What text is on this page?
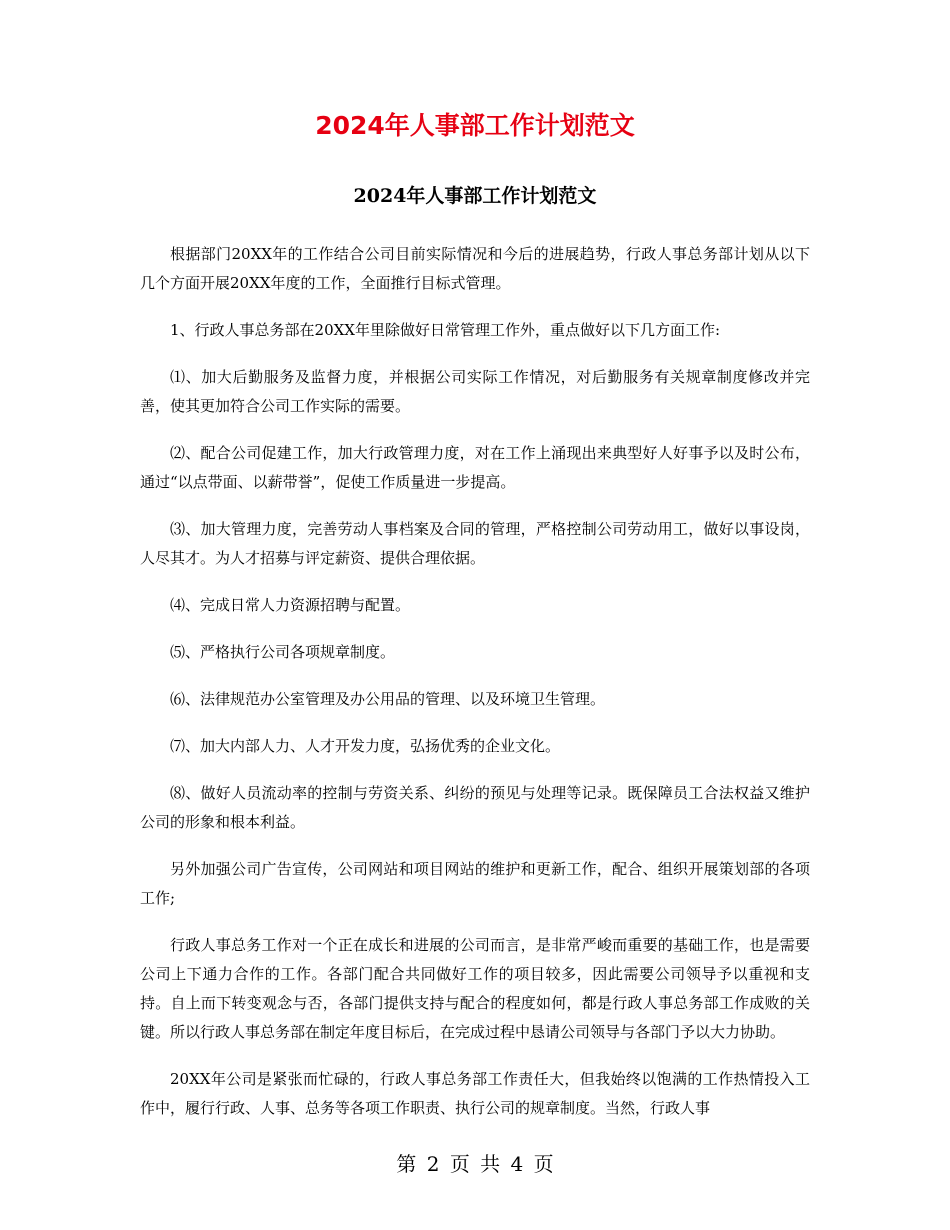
2024年人事部工作计划范文
2024年人事部工作计划范文

根据部门20XX年的工作结合公司目前实际情况和今后的进展趋势，行政人事总务部计划从以下几个方面开展20XX年度的工作，全面推行目标式管理。

1、行政人事总务部在20XX年里除做好日常管理工作外，重点做好以下几方面工作:

⑴、加大后勤服务及监督力度，并根据公司实际工作情况，对后勤服务有关规章制度修改并完善，使其更加符合公司工作实际的需要。

⑵、配合公司促建工作，加大行政管理力度，对在工作上涌现出来典型好人好事予以及时公布，通过“以点带面、以薪带誉”，促使工作质量进一步提高。

⑶、加大管理力度，完善劳动人事档案及合同的管理，严格控制公司劳动用工，做好以事设岗，人尽其才。为人才招募与评定薪资、提供合理依据。

⑷、完成日常人力资源招聘与配置。

⑸、严格执行公司各项规章制度。

⑹、法律规范办公室管理及办公用品的管理、以及环境卫生管理。

⑺、加大内部人力、人才开发力度，弘扬优秀的企业文化。

⑻、做好人员流动率的控制与劳资关系、纠纷的预见与处理等记录。既保障员工合法权益又维护公司的形象和根本利益。

另外加强公司广告宣传，公司网站和项目网站的维护和更新工作，配合、组织开展策划部的各项工作;

行政人事总务工作对一个正在成长和进展的公司而言，是非常严峻而重要的基础工作，也是需要公司上下通力合作的工作。各部门配合共同做好工作的项目较多，因此需要公司领导予以重视和支持。自上而下转变观念与否，各部门提供支持与配合的程度如何，都是行政人事总务部工作成败的关键。所以行政人事总务部在制定年度目标后，在完成过程中恳请公司领导与各部门予以大力协助。

20XX年公司是紧张而忙碌的，行政人事总务部工作责任大，但我始终以饱满的工作热情投入工作中，履行行政、人事、总务等各项工作职责、执行公司的规章制度。当然，行政人事

第 2 页 共 4 页
